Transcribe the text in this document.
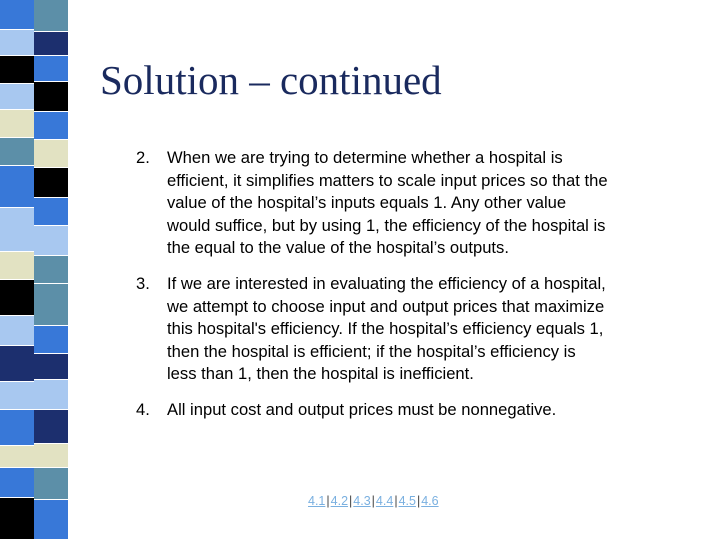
Solution – continued
2. When we are trying to determine whether a hospital is
efficient, it simplifies matters to scale input prices so that the
value of the hospital’s inputs equals 1. Any other value
would suffice, but by using 1, the efficiency of the hospital is
the equal to the value of the hospital’s outputs.
3. If we are interested in evaluating the efficiency of a hospital,
we attempt to choose input and output prices that maximize
this hospital's efficiency. If the hospital’s efficiency equals 1,
then the hospital is efficient; if the hospital’s efficiency is
less than 1, then the hospital is inefficient.
4. All input cost and output prices must be nonnegative.
4.1|4.2|4.3|4.4|4.5|4.6
